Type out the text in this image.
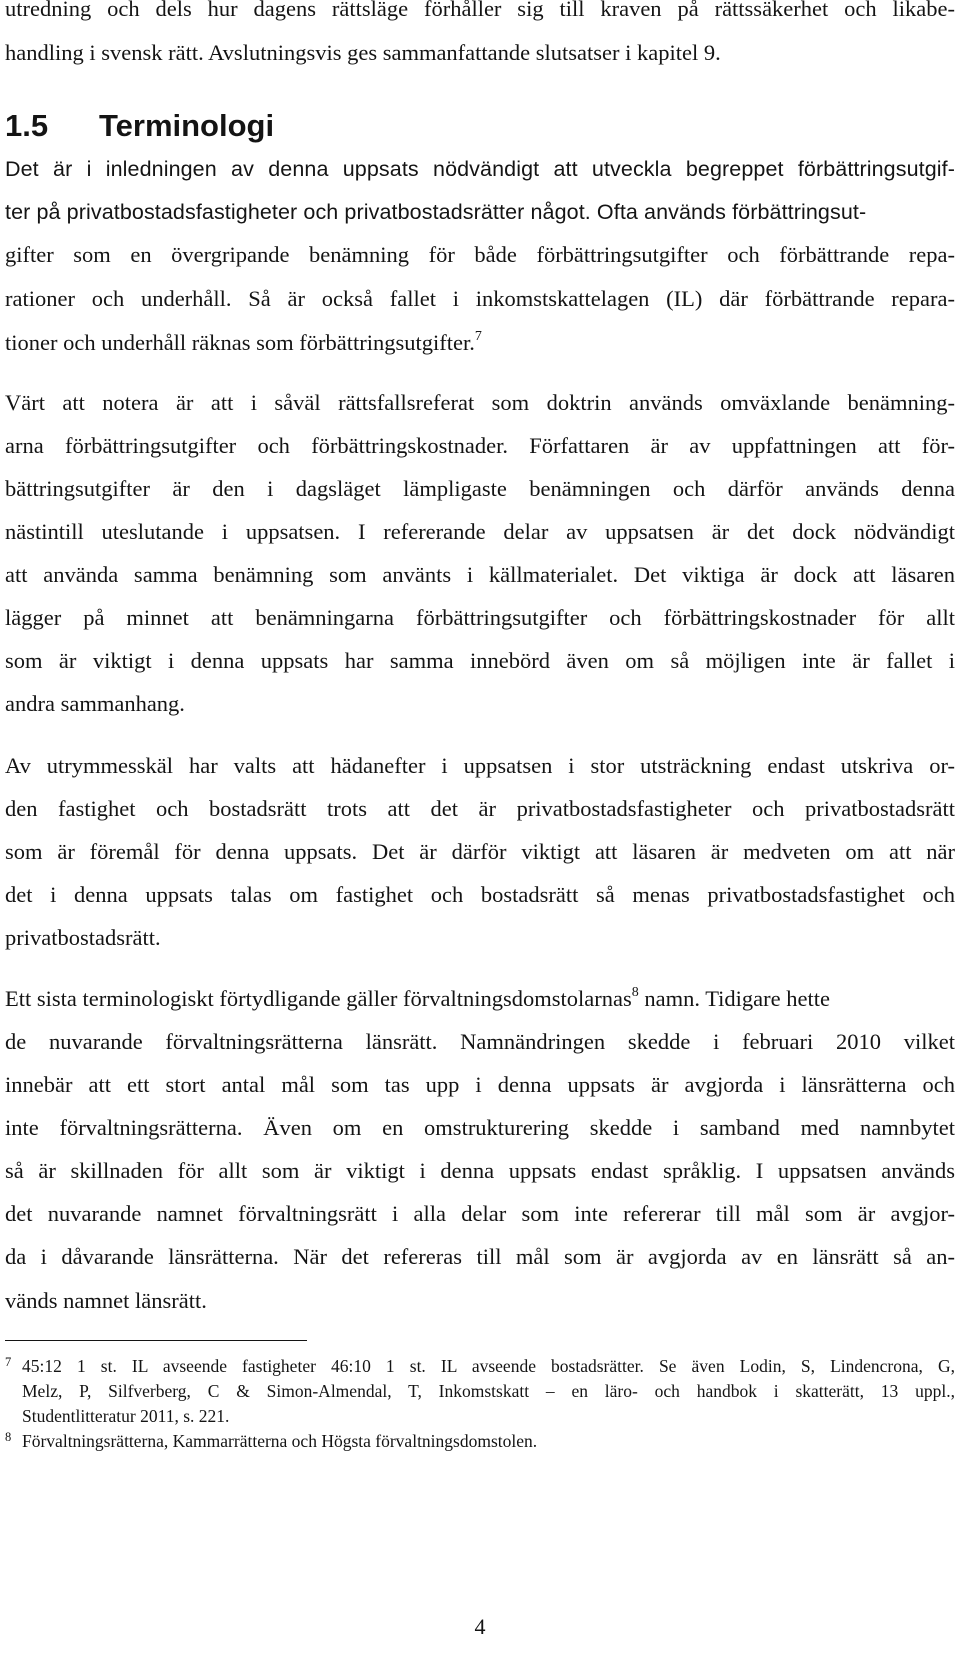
utredning och dels hur dagens rättsläge förhåller sig till kraven på rättssäkerhet och likabe-
handling i svensk rätt. Avslutningsvis ges sammanfattande slutsatser i kapitel 9.
1.5 Terminologi
Det är i inledningen av denna uppsats nödvändigt att utveckla begreppet förbättringsutgif-
ter på privatbostadsfastigheter och privatbostadsrätter något. Ofta används förbättringsut-
gifter som en övergripande benämning för både förbättringsutgifter och förbättrande repa-
rationer och underhåll. Så är också fallet i inkomstskattelagen (IL) där förbättrande repara-
tioner och underhåll räknas som förbättringsutgifter.$^7$
Värt att notera är att i såväl rättsfallsreferat som doktrin används omväxlande benämning-
arna förbättringsutgifter och förbättringskostnader. Författaren är av uppfattningen att för-
bättringsutgifter är den i dagsläget lämpligaste benämningen och därför används denna
nästintill uteslutande i uppsatsen. I refererande delar av uppsatsen är det dock nödvändigt
att använda samma benämning som använts i källmaterialet. Det viktiga är dock att läsaren
lägger på minnet att benämningarna förbättringsutgifter och förbättringskostnader för allt
som är viktigt i denna uppsats har samma innebörd även om så möjligen inte är fallet i
andra sammanhang.
Av utrymmesskäl har valts att hädanefter i uppsatsen i stor utsträckning endast utskriva or-
den fastighet och bostadsrätt trots att det är privatbostadsfastigheter och privatbostadsrätt
som är föremål för denna uppsats. Det är därför viktigt att läsaren är medveten om att när
det i denna uppsats talas om fastighet och bostadsrätt så menas privatbostadsfastighet och
privatbostadsrätt.
Ett sista terminologiskt förtydligande gäller förvaltningsdomstolarnas$^8$ namn. Tidigare hette
de nuvarande förvaltningsrätterna länsrätt. Namnändringen skedde i februari 2010 vilket
innebär att ett stort antal mål som tas upp i denna uppsats är avgjorda i länsrätterna och
inte förvaltningsrätterna. Även om en omstrukturering skedde i samband med namnbytet
så är skillnaden för allt som är viktigt i denna uppsats endast språklig. I uppsatsen används
det nuvarande namnet förvaltningsrätt i alla delar som inte refererar till mål som är avgjor-
da i dåvarande länsrätterna. När det refereras till mål som är avgjorda av en länsrätt så an-
vänds namnet länsrätt.
7 45:12 1 st. IL avseende fastigheter 46:10 1 st. IL avseende bostadsrätter. Se även Lodin, S, Lindencrona, G,
Melz, P, Silfverberg, C & Simon-Almendal, T, Inkomstskatt – en läro- och handbok i skatterätt, 13 uppl.,
Studentlitteratur 2011, s. 221.
8 Förvaltningsrätterna, Kammarrätterna och Högsta förvaltningsdomstolen.
4
